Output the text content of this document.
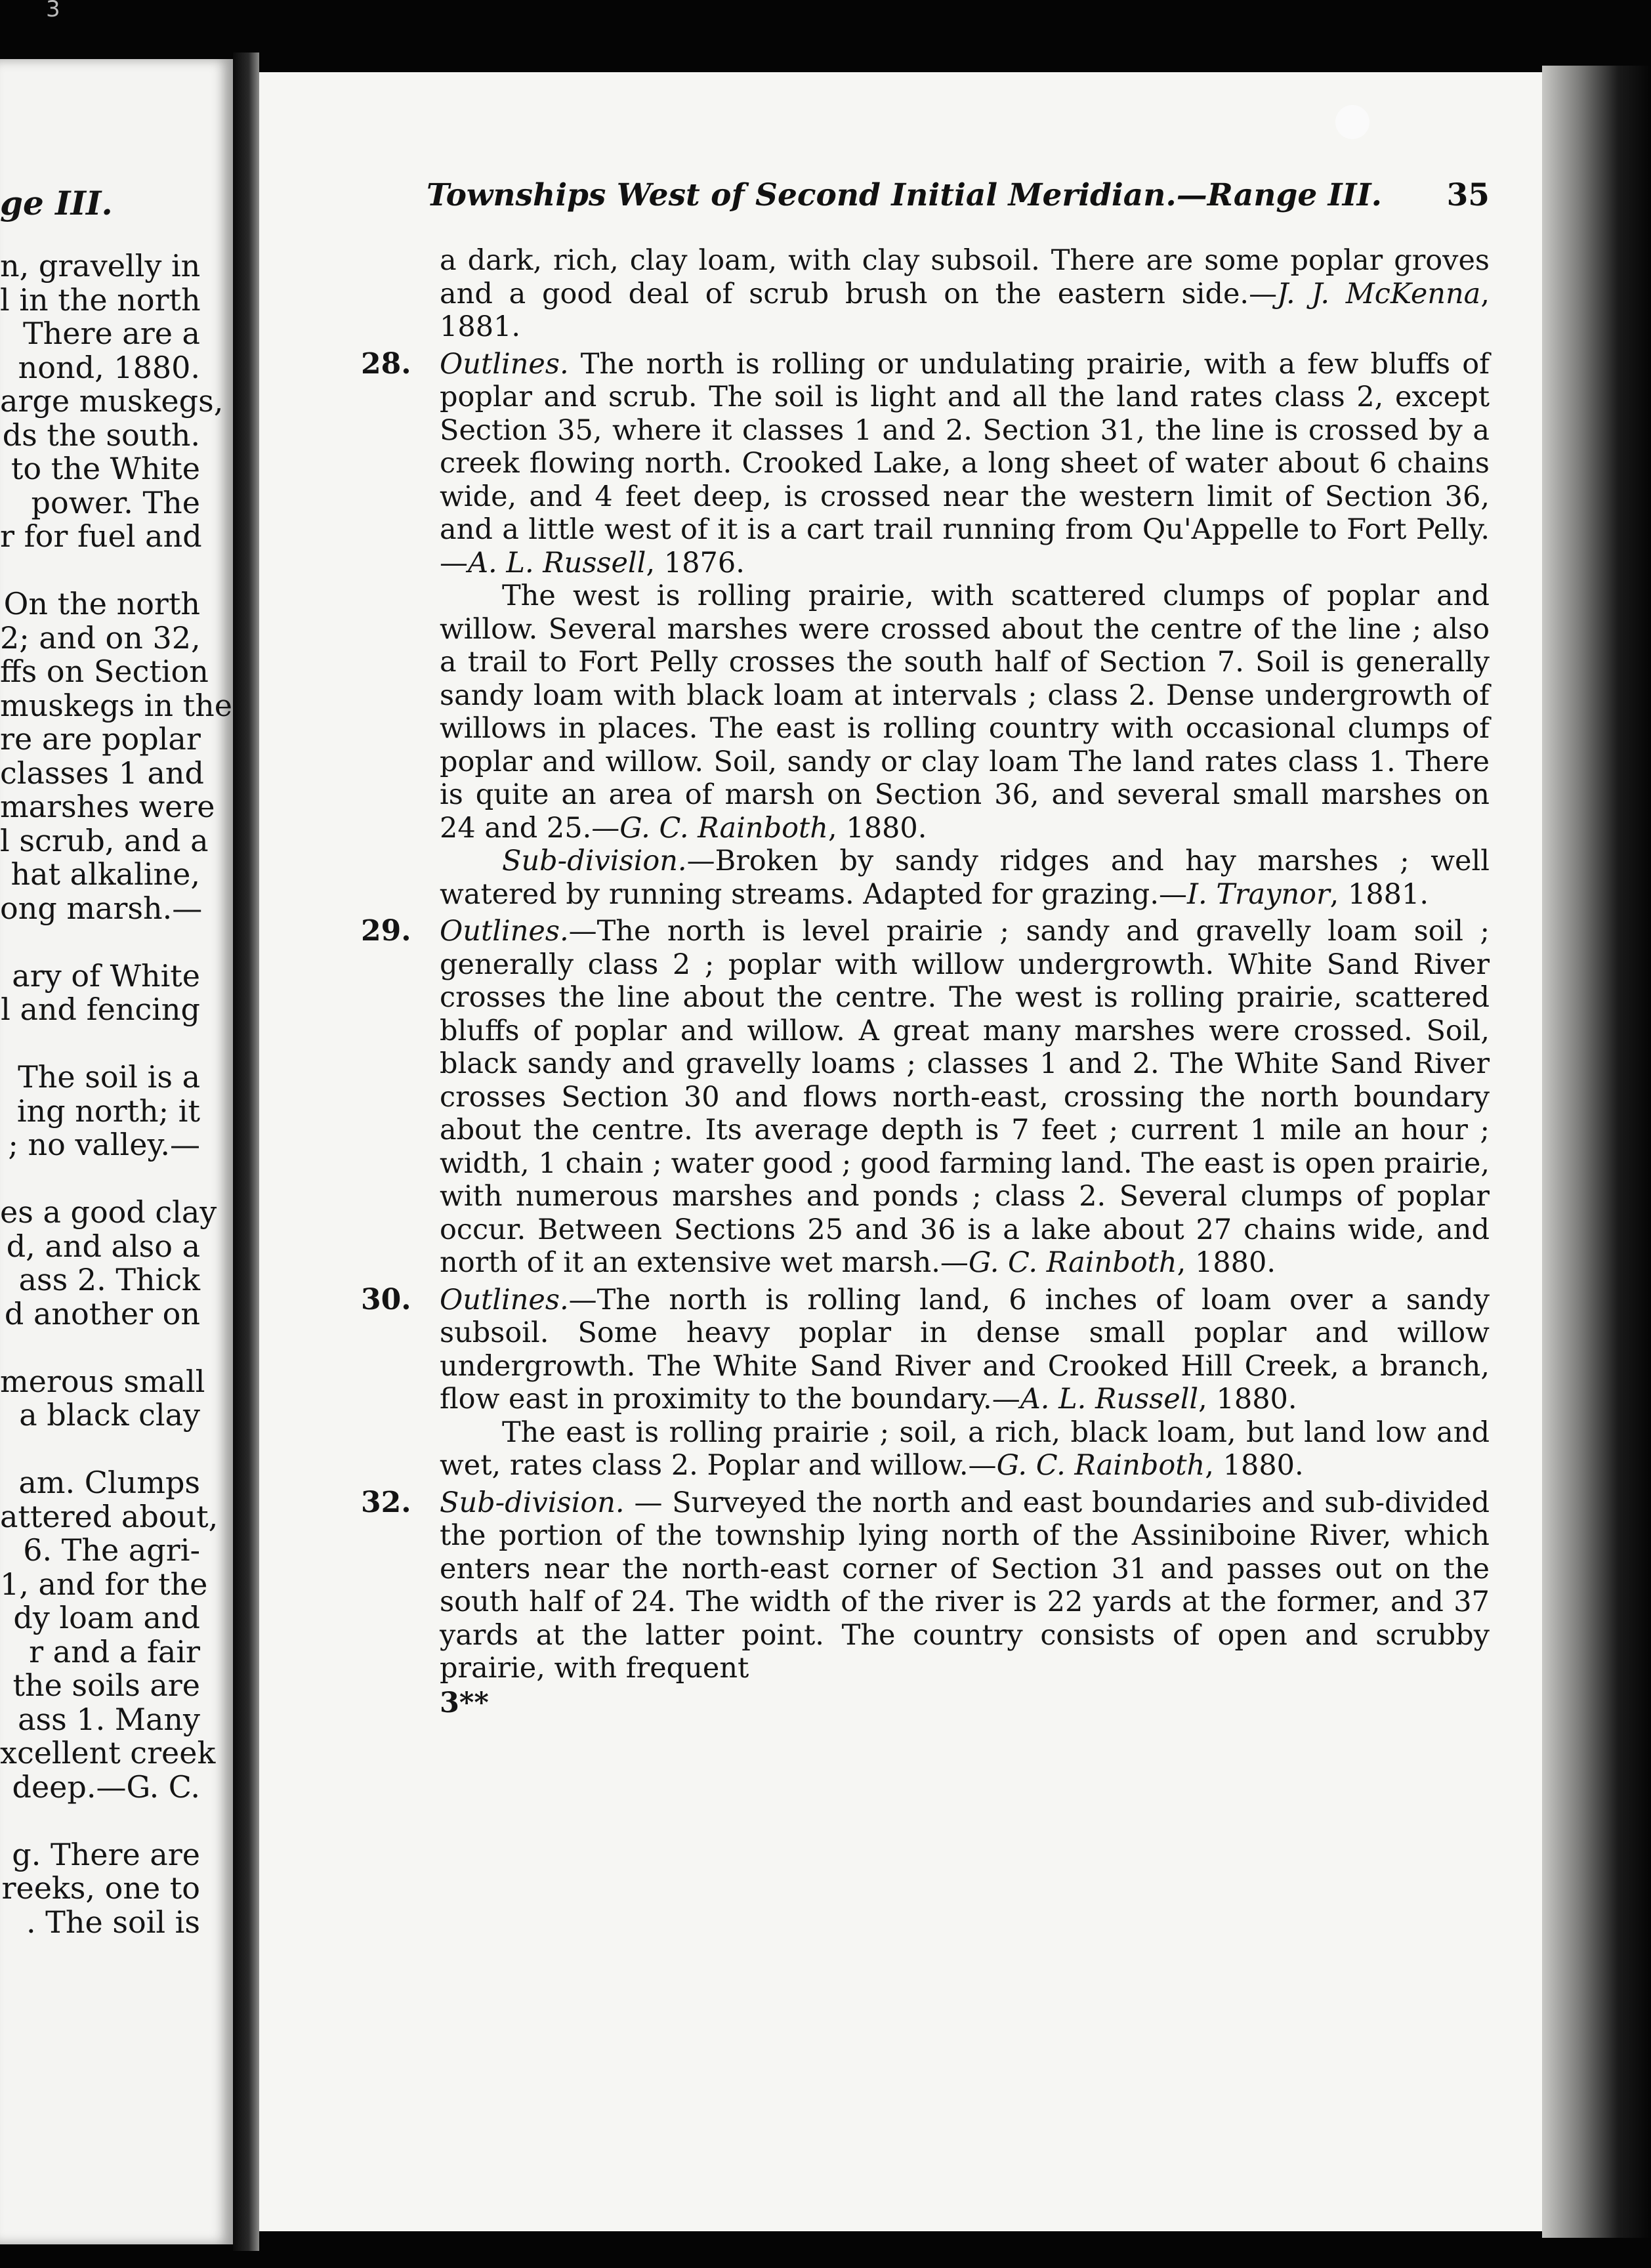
3
ge III.
n, gravelly in
l in the north
There are a
nond, 1880.
arge muskegs,
ds the south.
to the White
power. The
r for fuel and
On the north
2; and on 32,
ffs on Section
muskegs in the
re are poplar
classes 1 and
marshes were
l scrub, and a
hat alkaline,
ong marsh.—
ary of White
l and fencing
The soil is a
ing north; it
; no valley.—
es a good clay
d, and also a
ass 2. Thick
d another on
merous small
a black clay
am. Clumps
attered about,
6. The agri-
1, and for the
dy loam and
r and a fair
the soils are
ass 1. Many
xcellent creek
deep.—G. C.
g. There are
reeks, one to
. The soil is
Townships West of Second Initial Meridian.—Range III. 35

a dark, rich, clay loam, with clay subsoil. There are some poplar groves and a good deal of scrub brush on the eastern side.—J. J. McKenna, 1881.

28. Outlines. The north is rolling or undulating prairie, with a few bluffs of poplar and scrub. The soil is light and all the land rates class 2, except Section 35, where it classes 1 and 2. Section 31, the line is crossed by a creek flowing north. Crooked Lake, a long sheet of water about 6 chains wide, and 4 feet deep, is crossed near the western limit of Section 36, and a little west of it is a cart trail running from Qu'Appelle to Fort Pelly.—A. L. Russell, 1876.

The west is rolling prairie, with scattered clumps of poplar and willow. Several marshes were crossed about the centre of the line ; also a trail to Fort Pelly crosses the south half of Section 7. Soil is generally sandy loam with black loam at intervals ; class 2. Dense undergrowth of willows in places. The east is rolling country with occasional clumps of poplar and willow. Soil, sandy or clay loam The land rates class 1. There is quite an area of marsh on Section 36, and several small marshes on 24 and 25.—G. C. Rainboth, 1880.

Sub-division.—Broken by sandy ridges and hay marshes ; well watered by running streams. Adapted for grazing.—I. Traynor, 1881.

29. Outlines.—The north is level prairie ; sandy and gravelly loam soil ; generally class 2 ; poplar with willow undergrowth. White Sand River crosses the line about the centre. The west is rolling prairie, scattered bluffs of poplar and willow. A great many marshes were crossed. Soil, black sandy and gravelly loams ; classes 1 and 2. The White Sand River crosses Section 30 and flows north-east, crossing the north boundary about the centre. Its average depth is 7 feet ; current 1 mile an hour ; width, 1 chain ; water good ; good farming land. The east is open prairie, with numerous marshes and ponds ; class 2. Several clumps of poplar occur. Between Sections 25 and 36 is a lake about 27 chains wide, and north of it an extensive wet marsh.—G. C. Rainboth, 1880.

30. Outlines.—The north is rolling land, 6 inches of loam over a sandy subsoil. Some heavy poplar in dense small poplar and willow undergrowth. The White Sand River and Crooked Hill Creek, a branch, flow east in proximity to the boundary.—A. L. Russell, 1880.

The east is rolling prairie ; soil, a rich, black loam, but land low and wet, rates class 2. Poplar and willow.—G. C. Rainboth, 1880.

32. Sub-division. — Surveyed the north and east boundaries and sub-divided the portion of the township lying north of the Assiniboine River, which enters near the north-east corner of Section 31 and passes out on the south half of 24. The width of the river is 22 yards at the former, and 37 yards at the latter point. The country consists of open and scrubby prairie, with frequent

3**
